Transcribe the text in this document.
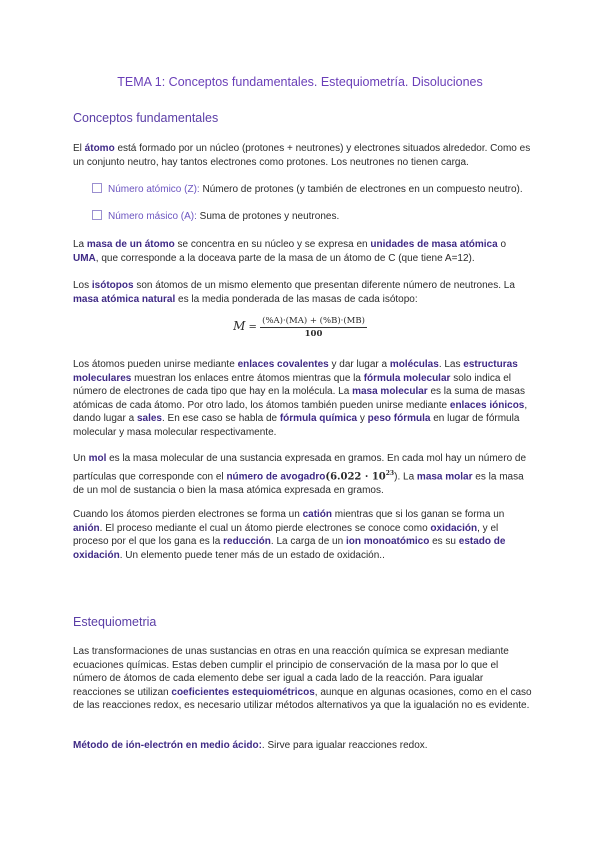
TEMA 1: Conceptos fundamentales. Estequiometría. Disoluciones
Conceptos fundamentales

El átomo está formado por un núcleo (protones + neutrones) y electrones situados alrededor. Como es un conjunto neutro, hay tantos electrones como protones. Los neutrones no tienen carga.

Número atómico (Z): Número de protones (y también de electrones en un compuesto neutro).
Número másico (A): Suma de protones y neutrones.

La masa de un átomo se concentra en su núcleo y se expresa en unidades de masa atómica o UMA, que corresponde a la doceava parte de la masa de un átomo de C (que tiene A=12).

Los isótopos son átomos de un mismo elemento que presentan diferente número de neutrones. La masa atómica natural es la media ponderada de las masas de cada isótopo:

$M = \frac{(\%A)\cdot(MA) + (\%B)\cdot(MB)}{100}$

Los átomos pueden unirse mediante enlaces covalentes y dar lugar a moléculas. Las estructuras moleculares muestran los enlaces entre átomos mientras que la fórmula molecular solo indica el número de electrones de cada tipo que hay en la molécula. La masa molecular es la suma de masas atómicas de cada átomo. Por otro lado, los átomos también pueden unirse mediante enlaces iónicos, dando lugar a sales. En ese caso se habla de fórmula química y peso fórmula en lugar de fórmula molecular y masa molecular respectivamente.

Un mol es la masa molecular de una sustancia expresada en gramos. En cada mol hay un número de partículas que corresponde con el número de avogadro(6.022 · $10^{23}$). La masa molar es la masa de un mol de sustancia o bien la masa atómica expresada en gramos.

Cuando los átomos pierden electrones se forma un catión mientras que si los ganan se forma un anión. El proceso mediante el cual un átomo pierde electrones se conoce como oxidación, y el proceso por el que los gana es la reducción. La carga de un ion monoatómico es su estado de oxidación. Un elemento puede tener más de un estado de oxidación..

Estequiometria

Las transformaciones de unas sustancias en otras en una reacción química se expresan mediante ecuaciones químicas. Estas deben cumplir el principio de conservación de la masa por lo que el número de átomos de cada elemento debe ser igual a cada lado de la reacción. Para igualar reacciones se utilizan coeficientes estequiométricos, aunque en algunas ocasiones, como en el caso de las reacciones redox, es necesario utilizar métodos alternativos ya que la igualación no es evidente.

Método de ión-electrón en medio ácido:. Sirve para igualar reacciones redox.
